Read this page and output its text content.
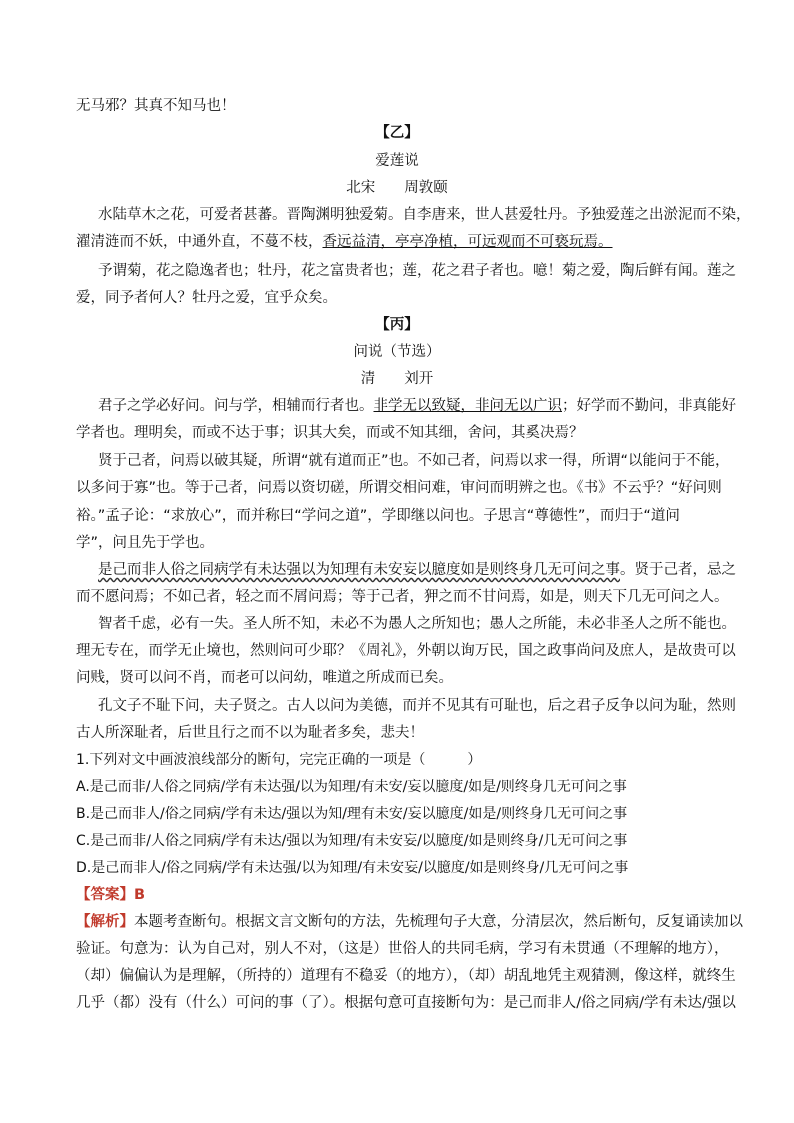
无马邪？其真不知马也！
【乙】
爱莲说
北宋　　周敦颐
水陆草木之花，可爱者甚蕃。晋陶渊明独爱菊。自李唐来，世人甚爱牡丹。予独爱莲之出淤泥而不染，
濯清涟而不妖，中通外直，不蔓不枝，香远益清，亭亭净植，可远观而不可亵玩焉。
予谓菊，花之隐逸者也；牡丹，花之富贵者也；莲，花之君子者也。噫！菊之爱，陶后鲜有闻。莲之
爱，同予者何人？牡丹之爱，宜乎众矣。
【丙】
问说（节选）
清　　刘开
君子之学必好问。问与学，相辅而行者也。非学无以致疑，非问无以广识；好学而不勤问，非真能好
学者也。理明矣，而或不达于事；识其大矣，而或不知其细，舍问，其奚决焉？
贤于己者，问焉以破其疑，所谓“就有道而正”也。不如己者，问焉以求一得，所谓“以能问于不能，
以多问于寡”也。等于己者，问焉以资切磋，所谓交相问难，审问而明辨之也。《书》不云乎？“好问则
裕。”孟子论：“求放心”，而并称曰“学问之道”，学即继以问也。子思言“尊德性”，而归于“道问
学”，问且先于学也。
是己而非人俗之同病学有未达强以为知理有未安妄以臆度如是则终身几无可问之事。贤于己者，忌之
而不愿问焉；不如己者，轻之而不屑问焉；等于己者，狎之而不甘问焉，如是，则天下几无可问之人。
智者千虑，必有一失。圣人所不知，未必不为愚人之所知也；愚人之所能，未必非圣人之所不能也。
理无专在，而学无止境也，然则问可少耶？《周礼》，外朝以询万民，国之政事尚问及庶人，是故贵可以
问贱，贤可以问不肖，而老可以问幼，唯道之所成而已矣。
孔文子不耻下问，夫子贤之。古人以问为美德，而并不见其有可耻也，后之君子反争以问为耻，然则
古人所深耻者，后世且行之而不以为耻者多矣，悲夫！
1.下列对文中画波浪线部分的断句，完完正确的一项是（　　　）
A.是己而非/人俗之同病/学有未达强/以为知理/有未安/妄以臆度/如是/则终身几无可问之事
B.是己而非人/俗之同病/学有未达/强以为知/理有未安/妄以臆度/如是/则终身几无可问之事
C.是己而非/人俗之同病/学有未达/强以为知理/有未安妄/以臆度/如是则终身/几无可问之事
D.是己而非人/俗之同病/学有未达强/以为知理/有未安妄/以臆度/如是则终身/几无可问之事
【答案】B
【解析】本题考查断句。根据文言文断句的方法，先梳理句子大意，分清层次，然后断句，反复诵读加以
验证。句意为：认为自己对，别人不对，（这是）世俗人的共同毛病，学习有未贯通（不理解的地方），
（却）偏偏认为是理解，（所持的）道理有不稳妥（的地方），（却）胡乱地凭主观猜测，像这样，就终生
几乎（都）没有（什么）可问的事（了）。根据句意可直接断句为：是己而非人/俗之同病/学有未达/强以
